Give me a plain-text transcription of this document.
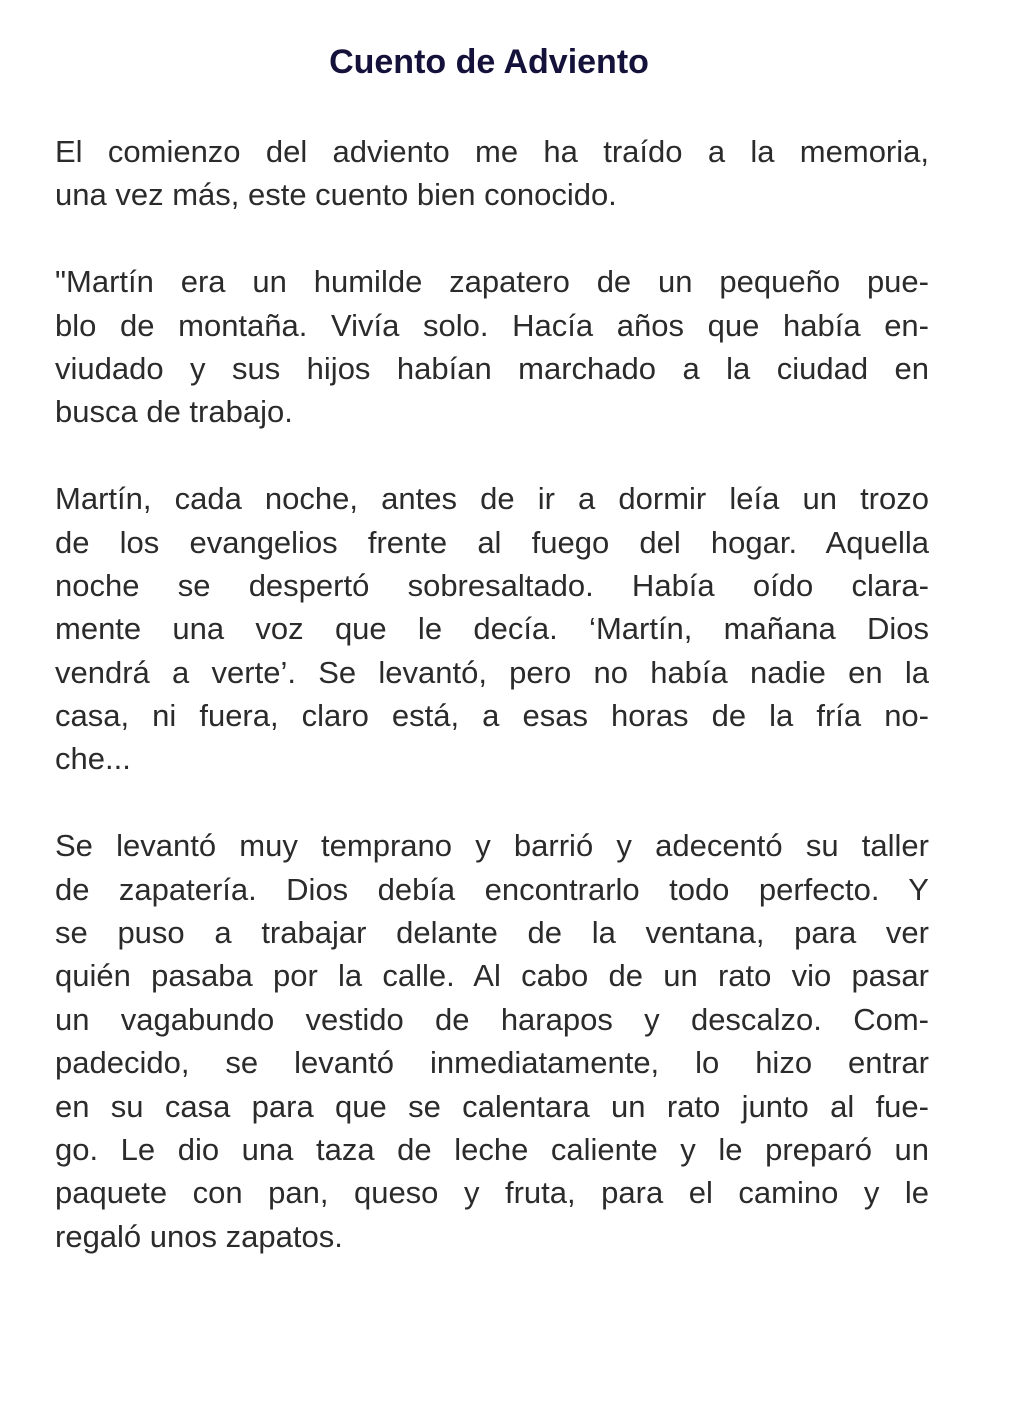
Cuento de Adviento

El comienzo del adviento me ha traído a la memoria,
una vez más, este cuento bien conocido.

"Martín era un humilde zapatero de un pequeño pue-
blo de montaña. Vivía solo. Hacía años que había en-
viudado y sus hijos habían marchado a la ciudad en
busca de trabajo.

Martín, cada noche, antes de ir a dormir leía un trozo
de los evangelios frente al fuego del hogar. Aquella
noche se despertó sobresaltado. Había oído clara-
mente una voz que le decía. ‘Martín, mañana Dios
vendrá a verte’. Se levantó, pero no había nadie en la
casa, ni fuera, claro está, a esas horas de la fría no-
che...

Se levantó muy temprano y barrió y adecentó su taller
de zapatería. Dios debía encontrarlo todo perfecto. Y
se puso a trabajar delante de la ventana, para ver
quién pasaba por la calle. Al cabo de un rato vio pasar
un vagabundo vestido de harapos y descalzo. Com-
padecido, se levantó inmediatamente, lo hizo entrar
en su casa para que se calentara un rato junto al fue-
go. Le dio una taza de leche caliente y le preparó un
paquete con pan, queso y fruta, para el camino y le
regaló unos zapatos.
